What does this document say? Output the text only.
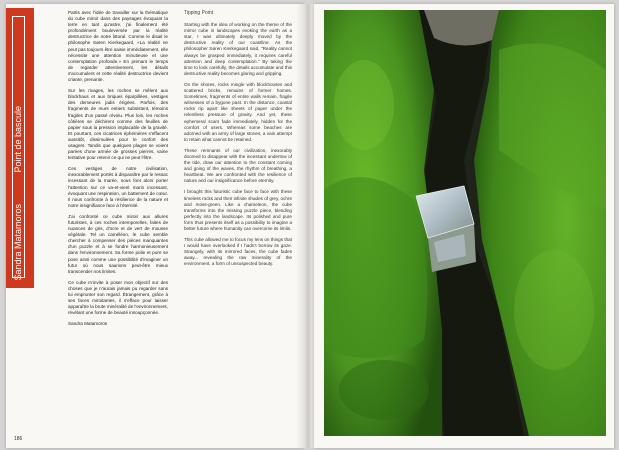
Sandra Matamoros
Point de bascule

Partis avec l'idée de travailler sur la thématique du cube miroir dans des paysages évoquant la terre en tant qu'astre, j'ai finalement été profondément bouleversée par la réalité destructrice de notre littoral. Comme le disait le philosophe Søren Kierkegaard, «La réalité ne peut pas toujours être saisie immédiatement, elle nécessite une attention minutieuse et une contemplation profonde.» En prenant le temps de regarder attentivement, les détails s'accumulent et cette réalité destructrice devient criante, prenante.

Sur les rivages, les roches se mêlent aux blockhaus et aux briques éparpillées, vestiges des demeures jadis érigées. Parfois, des fragments de murs entiers subsistent, témoins fragiles d'un passé révolu. Plus loin, les roches côtières se déchirent comme des feuilles de papier sous la pression implacable de la gravité. Et pourtant, ces cicatrices éphémères s'effacent aussitôt, dissimulées pour le confort des usagers. Tandis que quelques plages se voient parées d'une armée de grosses pierres, vaine tentative pour retenir ce qui ne peut l'être.

Ces vestiges de notre civilisation, inexorablement portés à disparaître par le ressac incessant de la marée, nous font alors porter l'attention sur ce va-et-vient marin incessant, évoquant une respiration, un battement de cœur. Il nous confronte à la résilience de la nature et notre insignifiance face à l'éternité.

J'ai confronté ce cube miroir aux allures futuristes, à ces roches intemporelles, faites de nuances de gris, d'ocre et de vert de mousse végétale. Tel un caméléon, le cube semble chercher à compenser des pièces manquantes d'un puzzle et à se fondre harmonieusement dans l'environnement. Sa forme polie et pure se pose ainsi comme une possibilité d'imaginer un futur où nous saurions peut-être mieux transcender nos limites.

Ce cube m'invite à poser mon objectif sur des choses que je n'aurais jamais pu regarder sans lui emprunter son regard. Étrangement, grâce à ses faces miroitantes, il s'efface pour laisser apparaître la brute minéralité de l'environnement, révélant une forme de beauté insoupçonnée.

Sandra Matamoros

Tipping Point

Starting with the idea of working on the theme of the mirror cube in landscapes evoking the earth as a star, I was ultimately deeply moved by the destructive reality of our coastline. As the philosopher Søren Kierkegaard said, "Reality cannot always be grasped immediately, it requires careful attention and deep contemplation." By taking the time to look carefully, the details accumulate and this destructive reality becomes glaring and gripping.

On the shores, rocks mingle with blockhouses and scattered bricks, remains of former homes. Sometimes, fragments of entire walls remain, fragile witnesses of a bygone past. In the distance, coastal rocks rip apart like sheets of paper under the relentless pressure of gravity. And yet, these ephemeral scars fade immediately, hidden for the comfort of users. Whereas some beaches are adorned with an army of large stones, a vain attempt to retain what cannot be retained.

These remnants of our civilization, inexorably doomed to disappear with the incessant undertow of the tide, draw our attention to the constant coming and going of the waves, the rhythm of breathing, a heartbeat. We are confronted with the resilience of nature and our insignificance before eternity.

I brought this futuristic cube face to face with these timeless rocks and their infinite shades of grey, ochre and moss-green. Like a chameleon, the cube transforms into the missing puzzle piece, blending perfectly into the landscape. Its polished and pure form thus presents itself as a possibility to imagine a better future where humanity can overcome its limits.

This cube allowed me to focus my lens on things that I would have overlooked if I hadn't borrow its gaze. Strangely, with its mirrored faces, the cube fades away... revealing the raw minerality of the environment, a form of unsuspected beauty.

186
